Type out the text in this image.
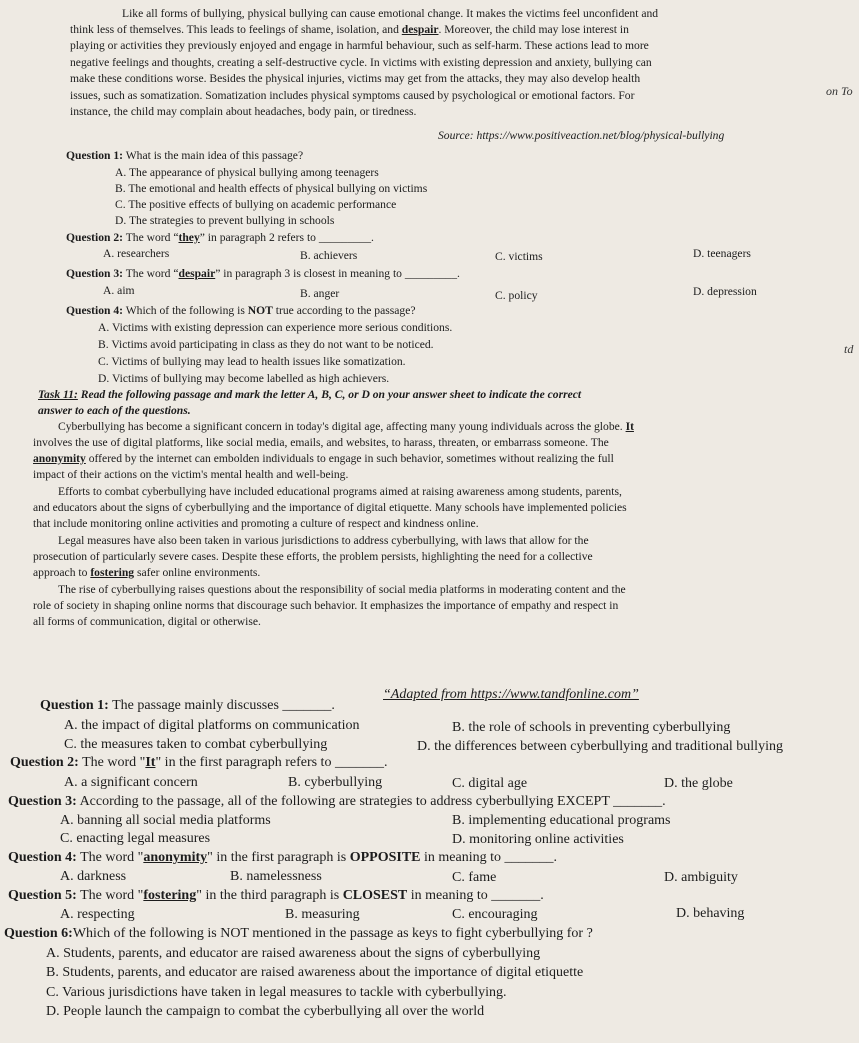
Like all forms of bullying, physical bullying can cause emotional change. It makes the victims feel unconfident and
think less of themselves. This leads to feelings of shame, isolation, and despair. Moreover, the child may lose interest in
playing or activities they previously enjoyed and engage in harmful behaviour, such as self-harm. These actions lead to more
negative feelings and thoughts, creating a self-destructive cycle. In victims with existing depression and anxiety, bullying can
make these conditions worse. Besides the physical injuries, victims may get from the attacks, they may also develop health
issues, such as somatization. Somatization includes physical symptoms caused by psychological or emotional factors. For
instance, the child may complain about headaches, body pain, or tiredness.
Source: https://www.positiveaction.net/blog/physical-bullying
on To
td
Question 1: What is the main idea of this passage?
A. The appearance of physical bullying among teenagers
B. The emotional and health effects of physical bullying on victims
C. The positive effects of bullying on academic performance
D. The strategies to prevent bullying in schools
Question 2: The word “they” in paragraph 2 refers to _________.
A. researchers	B. achievers	C. victims	D. teenagers
Question 3: The word “despair” in paragraph 3 is closest in meaning to _________.
A. aim	B. anger	C. policy	D. depression
Question 4: Which of the following is NOT true according to the passage?
A. Victims with existing depression can experience more serious conditions.
B. Victims avoid participating in class as they do not want to be noticed.
C. Victims of bullying may lead to health issues like somatization.
D. Victims of bullying may become labelled as high achievers.
Task 11: Read the following passage and mark the letter A, B, C, or D on your answer sheet to indicate the correct
answer to each of the questions.
Cyberbullying has become a significant concern in today's digital age, affecting many young individuals across the globe. It
involves the use of digital platforms, like social media, emails, and websites, to harass, threaten, or embarrass someone. The
anonymity offered by the internet can embolden individuals to engage in such behavior, sometimes without realizing the full
impact of their actions on the victim's mental health and well-being.
Efforts to combat cyberbullying have included educational programs aimed at raising awareness among students, parents,
and educators about the signs of cyberbullying and the importance of digital etiquette. Many schools have implemented policies
that include monitoring online activities and promoting a culture of respect and kindness online.
Legal measures have also been taken in various jurisdictions to address cyberbullying, with laws that allow for the
prosecution of particularly severe cases. Despite these efforts, the problem persists, highlighting the need for a collective
approach to fostering safer online environments.
The rise of cyberbullying raises questions about the responsibility of social media platforms in moderating content and the
role of society in shaping online norms that discourage such behavior. It emphasizes the importance of empathy and respect in
all forms of communication, digital or otherwise.
“Adapted from https://www.tandfonline.com”
Question 1: The passage mainly discusses _______.
A. the impact of digital platforms on communication	B. the role of schools in preventing cyberbullying
C. the measures taken to combat cyberbullying	D. the differences between cyberbullying and traditional bullying
Question 2: The word "It" in the first paragraph refers to _______.
A. a significant concern	B. cyberbullying	C. digital age	D. the globe
Question 3: According to the passage, all of the following are strategies to address cyberbullying EXCEPT _______.
A. banning all social media platforms	B. implementing educational programs
C. enacting legal measures	D. monitoring online activities
Question 4: The word "anonymity" in the first paragraph is OPPOSITE in meaning to _______.
A. darkness	B. namelessness	C. fame	D. ambiguity
Question 5: The word "fostering" in the third paragraph is CLOSEST in meaning to _______.
A. respecting	B. measuring	C. encouraging	D. behaving
Question 6:Which of the following is NOT mentioned in the passage as keys to fight cyberbullying for ?
A. Students, parents, and educator are raised awareness about the signs of cyberbullying
B. Students, parents, and educator are raised awareness about the importance of digital etiquette
C. Various jurisdictions have taken in legal measures to tackle with cyberbullying.
D. People launch the campaign to combat the cyberbullying all over the world
